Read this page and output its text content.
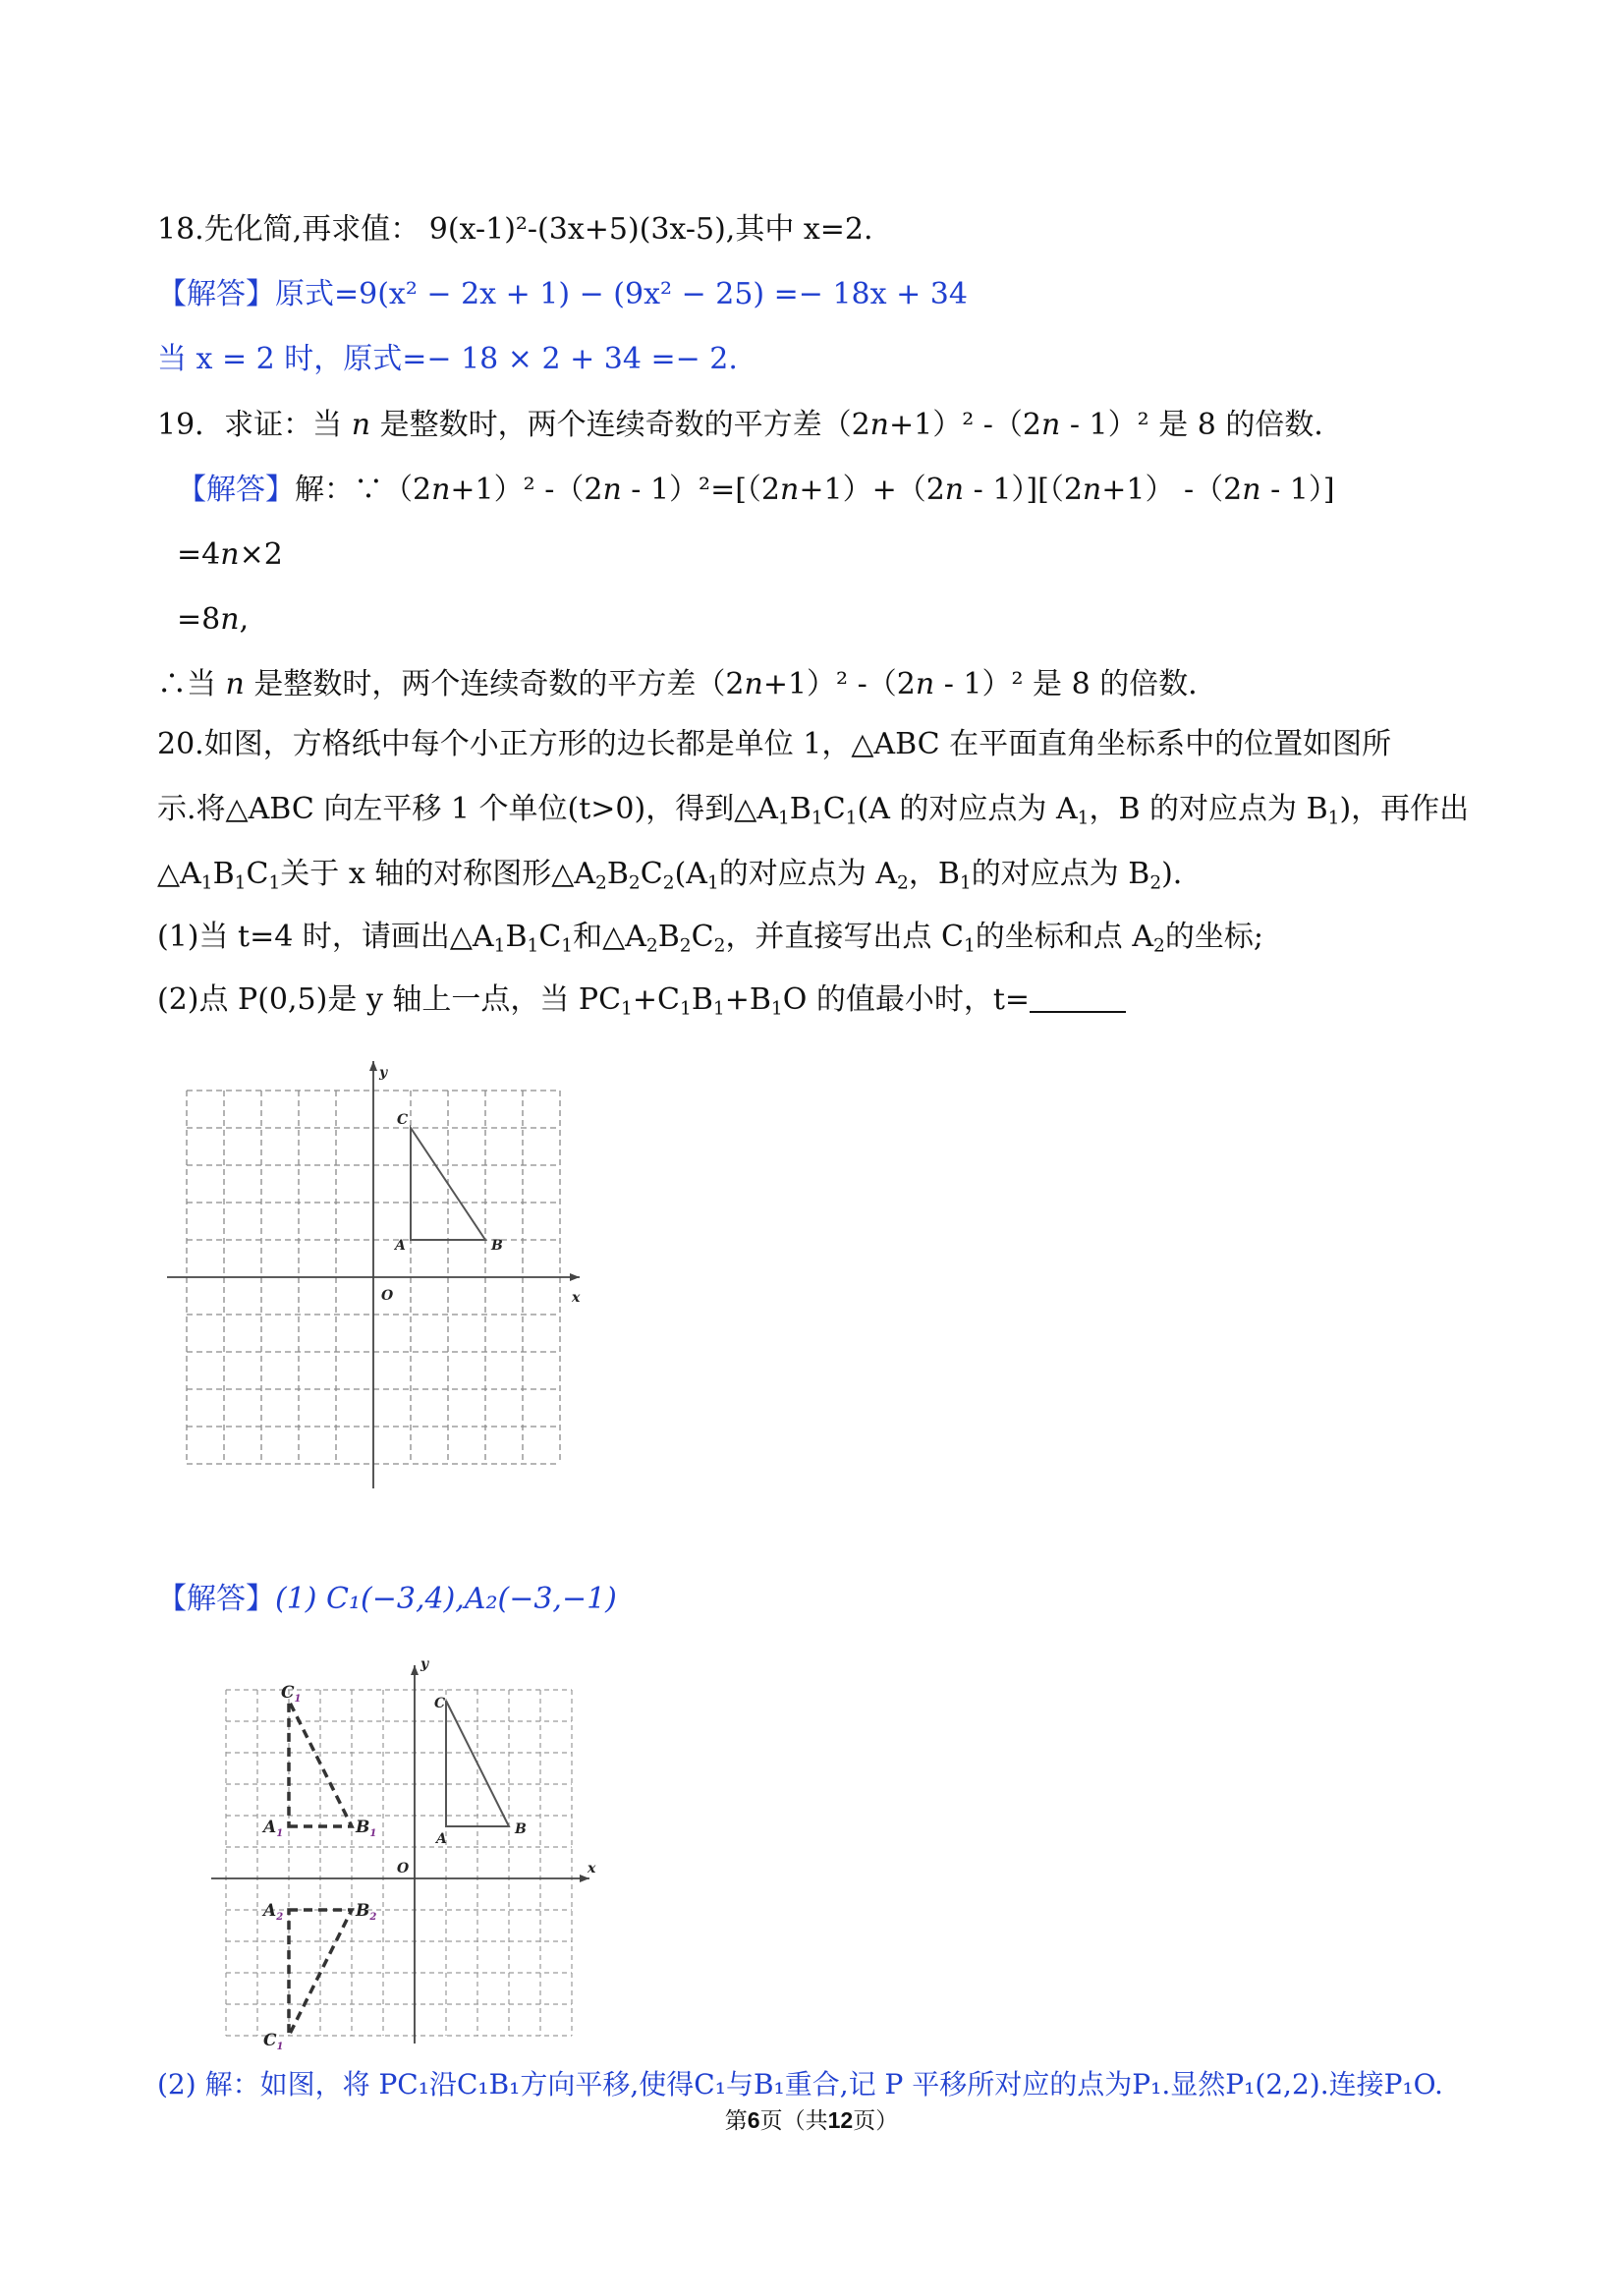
18.先化简,再求值： 9(x-1)²-(3x+5)(3x-5),其中 x=2.
【解答】原式=9(x² − 2x + 1) − (9x² − 25) =− 18x + 34
当 x = 2 时，原式=− 18 × 2 + 34 =− 2.
19．求证：当 n 是整数时，两个连续奇数的平方差（2n+1）² -（2n - 1）² 是 8 的倍数．
【解答】解：∵（2n+1）² -（2n - 1）²=[（2n+1）+（2n - 1）][（2n+1） -（2n - 1）]
=4n×2
=8n,
∴当 n 是整数时，两个连续奇数的平方差（2n+1）² -（2n - 1）² 是 8 的倍数．
20.如图，方格纸中每个小正方形的边长都是单位 1，△ABC 在平面直角坐标系中的位置如图所
示.将△ABC 向左平移 1 个单位(t>0)，得到$\triangle A_1B_1C_1(A$ 的对应点为 $A_1$，B 的对应点为 $B_1$)，再作出
$\triangle A_1B_1C_1$关于 x 轴的对称图形$\triangle A_2B_2C_2(A_1$的对应点为 $A_2$，$B_1$的对应点为 $B_2$)．
(1)当 t=4 时，请画出$\triangle A_1B_1C_1$和$\triangle A_2B_2C_2$，并直接写出点 $C_1$的坐标和点 $A_2$的坐标;
(2)点 P(0,5)是 y 轴上一点，当 $PC_1+C_1B_1+B_1O$ 的值最小时，t=
x
y
O
A	B
C
【解答】(1) C₁(−3,4),A₂(−3,−1)
x
y
O
A
B
C
$A_1$	$B_1$
$C_1$
$A_2$	$B_2$
$C_1$
(2) 解：如图，将 PC₁沿C₁B₁方向平移,使得C₁与B₁重合,记 P 平移所对应的点为P₁.显然P₁(2,2).连接P₁O.
第6页（共12页）
